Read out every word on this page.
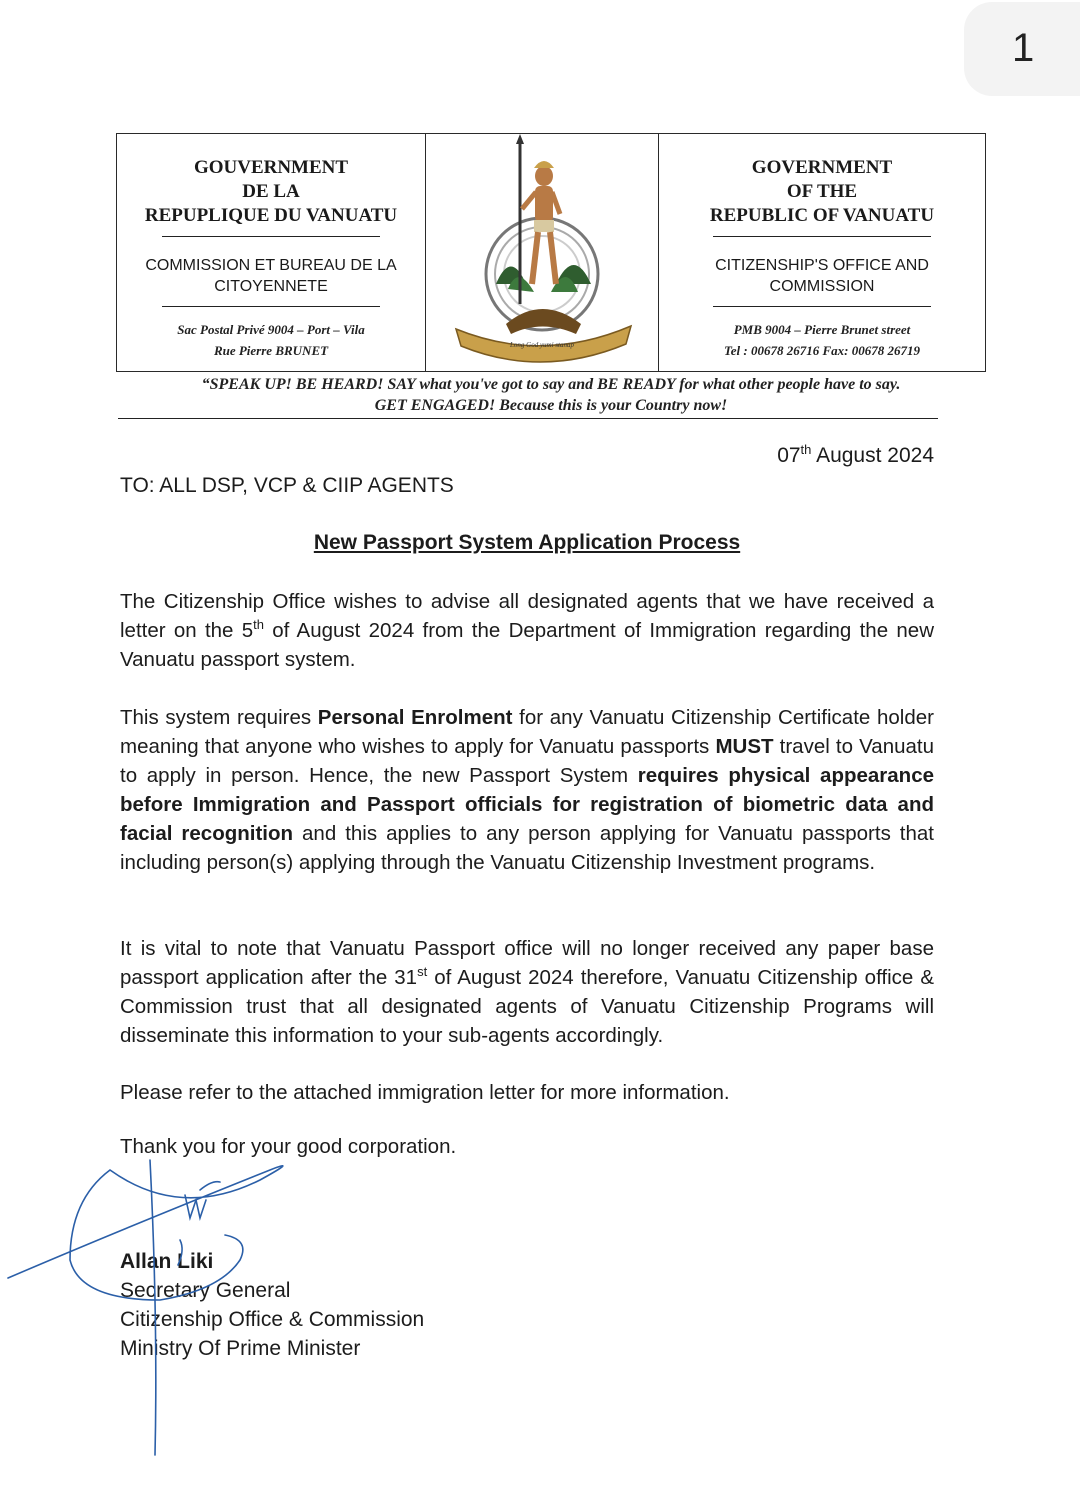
1
GOUVERNMENT
DE LA
REPUPLIQUE DU VANUATU
COMMISSION ET BUREAU DE LA
CITOYENNETE
Sac Postal Privé 9004 – Port – Vila
Rue Pierre BRUNET	Long God yumi stanap
GOVERNMENT
OF THE
REPUBLIC OF VANUATU
CITIZENSHIP'S OFFICE AND
COMMISSION
PMB 9004 – Pierre Brunet street
Tel : 00678 26716 Fax: 00678 26719
“SPEAK UP! BE HEARD! SAY what you've got to say and BE READY for what other people have to say.
GET ENGAGED! Because this is your Country now!
07th August 2024
TO: ALL DSP, VCP & CIIP AGENTS
New Passport System Application Process

The Citizenship Office wishes to advise all designated agents that we have received a letter on the 5th of August 2024 from the Department of Immigration regarding the new Vanuatu passport system.

This system requires Personal Enrolment for any Vanuatu Citizenship Certificate holder meaning that anyone who wishes to apply for Vanuatu passports MUST travel to Vanuatu to apply in person. Hence, the new Passport System requires physical appearance before Immigration and Passport officials for registration of biometric data and facial recognition and this applies to any person applying for Vanuatu passports that including person(s) applying through the Vanuatu Citizenship Investment programs.

It is vital to note that Vanuatu Passport office will no longer received any paper base passport application after the 31st of August 2024 therefore, Vanuatu Citizenship office & Commission trust that all designated agents of Vanuatu Citizenship Programs will disseminate this information to your sub-agents accordingly.

Please refer to the attached immigration letter for more information.

Thank you for your good corporation.

Allan Liki
Secretary General
Citizenship Office & Commission
Ministry Of Prime Minister
